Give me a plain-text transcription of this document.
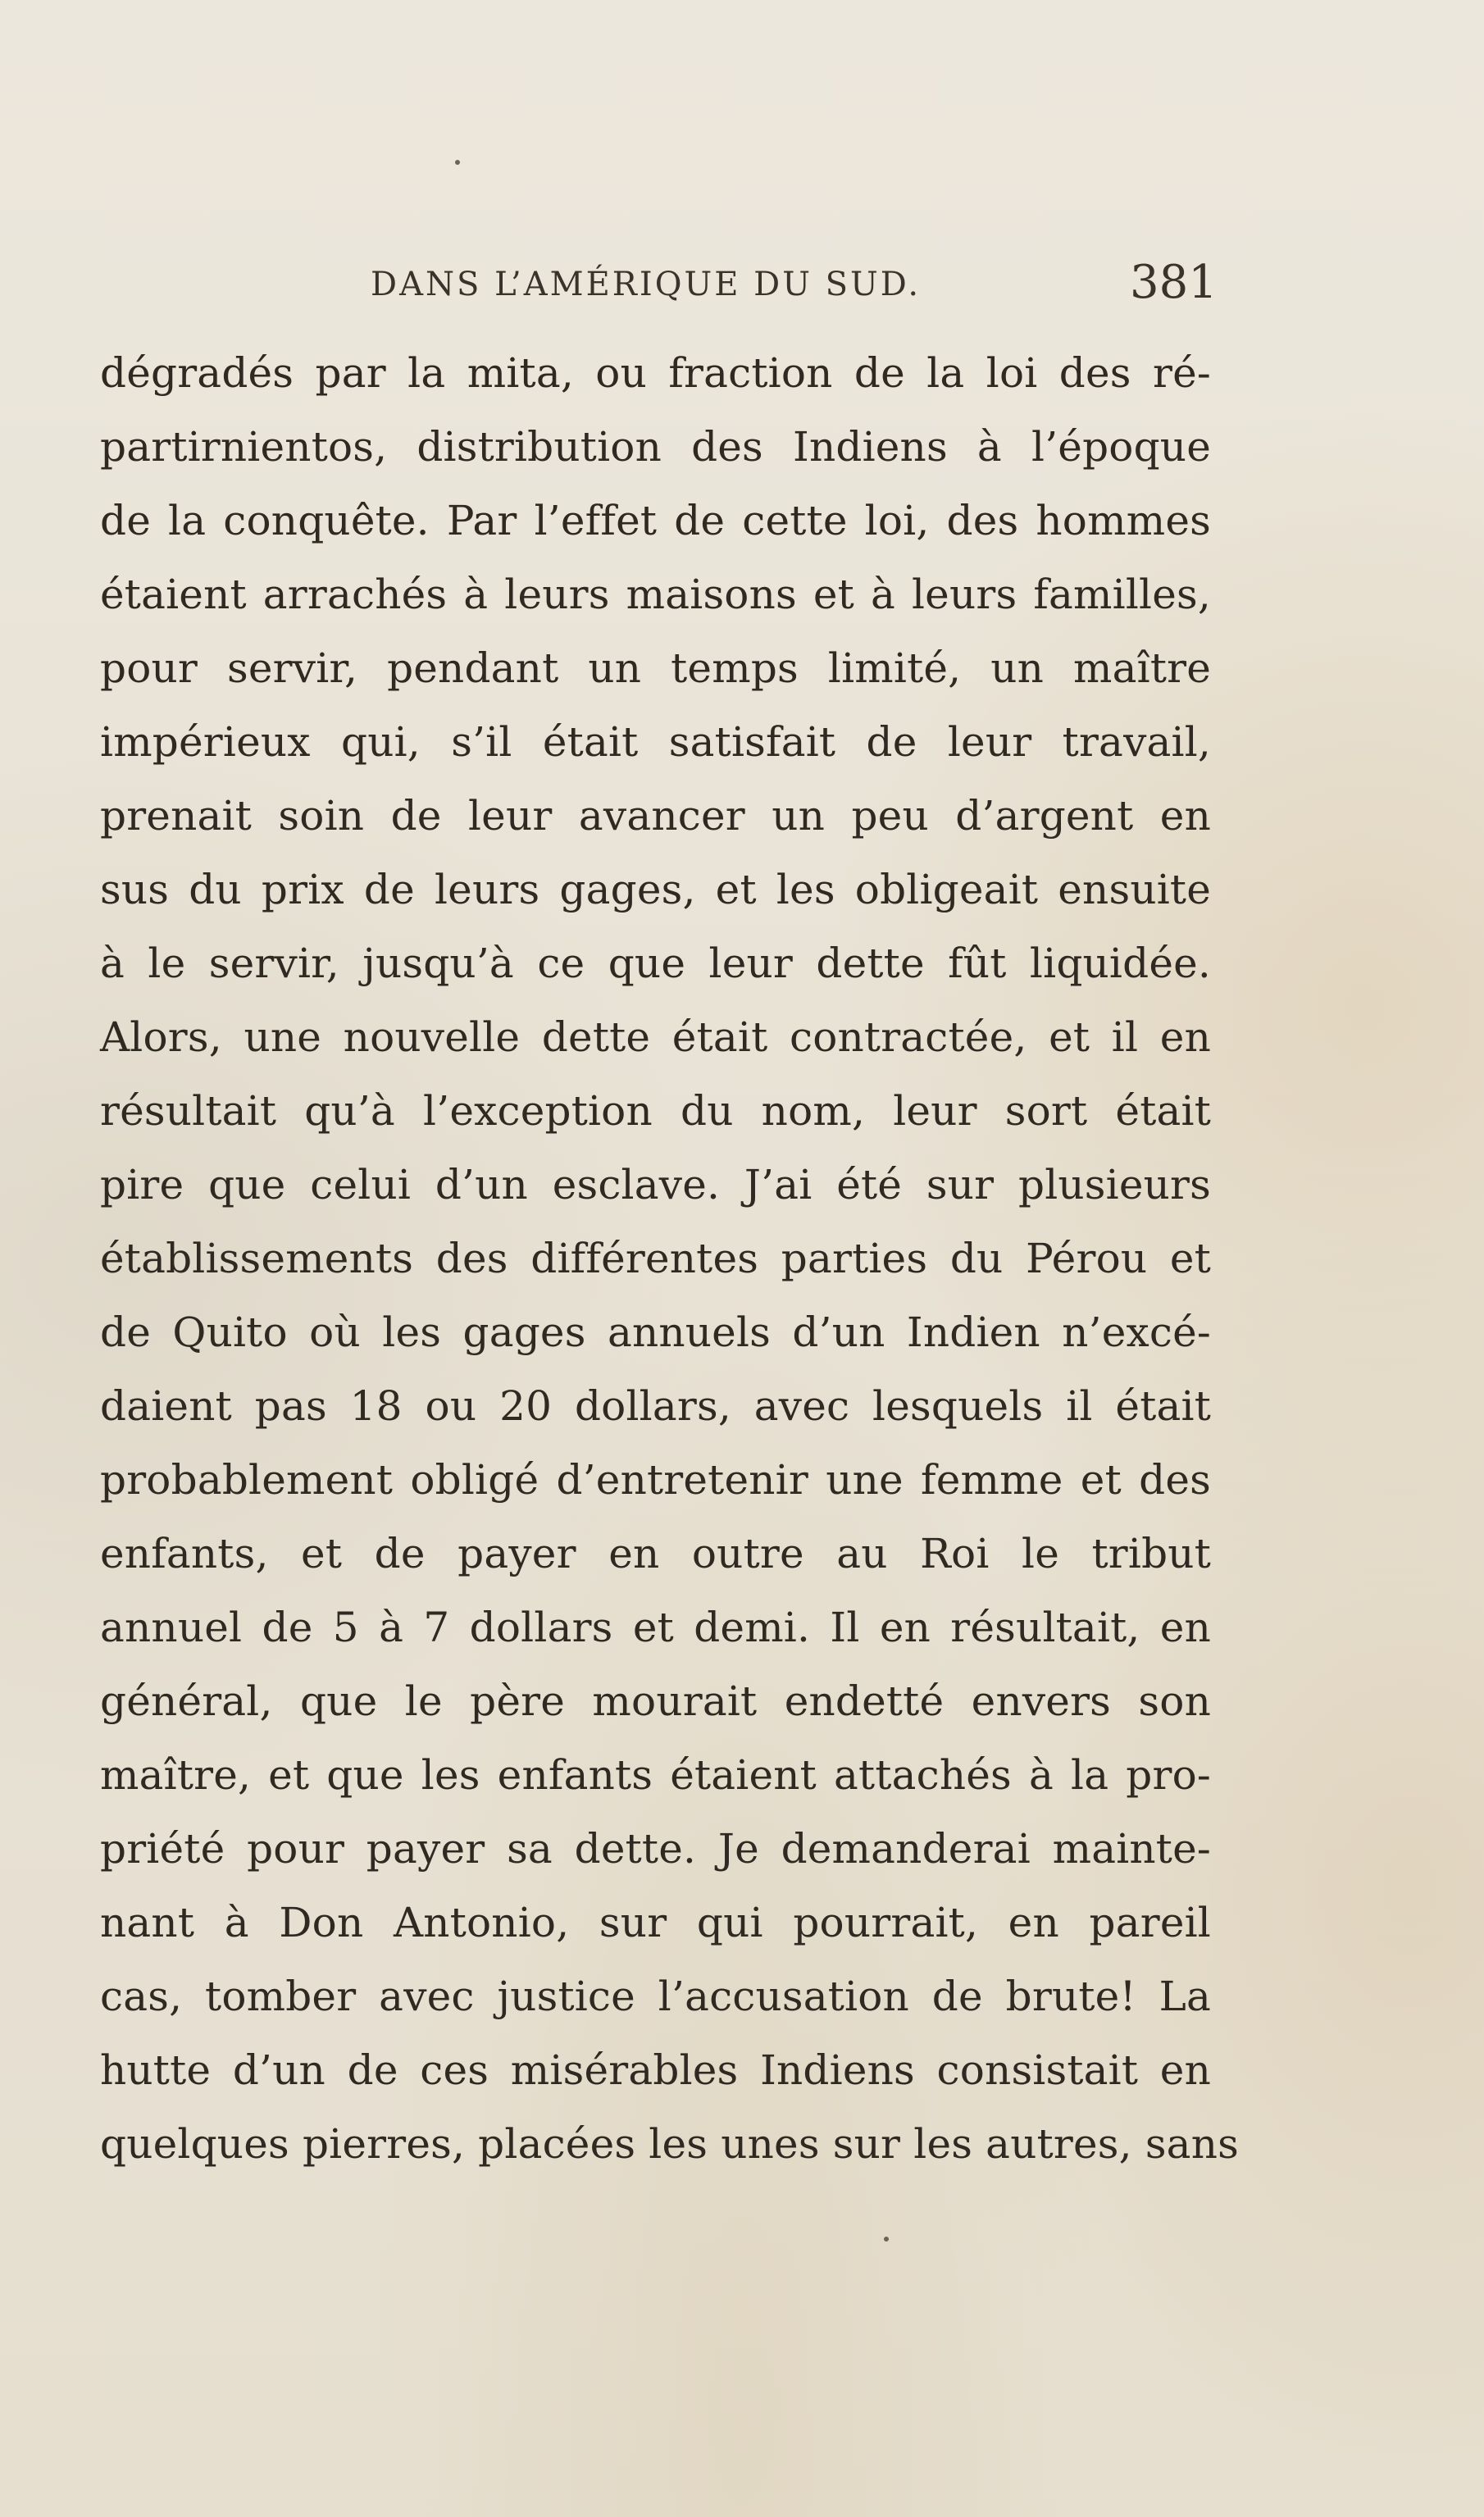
DANS L’AMÉRIQUE DU SUD.	381
dégradés par la mita, ou fraction de la loi des ré-
partirnientos, distribution des Indiens à l’époque
de la conquête. Par l’effet de cette loi, des hommes
étaient arrachés à leurs maisons et à leurs familles,
pour servir, pendant un temps limité, un maître
impérieux qui, s’il était satisfait de leur travail,
prenait soin de leur avancer un peu d’argent en
sus du prix de leurs gages, et les obligeait ensuite
à le servir, jusqu’à ce que leur dette fût liquidée.
Alors, une nouvelle dette était contractée, et il en
résultait qu’à l’exception du nom, leur sort était
pire que celui d’un esclave. J’ai été sur plusieurs
établissements des différentes parties du Pérou et
de Quito où les gages annuels d’un Indien n’excé-
daient pas 18 ou 20 dollars, avec lesquels il était
probablement obligé d’entretenir une femme et des
enfants, et de payer en outre au Roi le tribut
annuel de 5 à 7 dollars et demi. Il en résultait, en
général, que le père mourait endetté envers son
maître, et que les enfants étaient attachés à la pro-
priété pour payer sa dette. Je demanderai mainte-
nant à Don Antonio, sur qui pourrait, en pareil
cas, tomber avec justice l’accusation de brute! La
hutte d’un de ces misérables Indiens consistait en
quelques pierres, placées les unes sur les autres, sans
